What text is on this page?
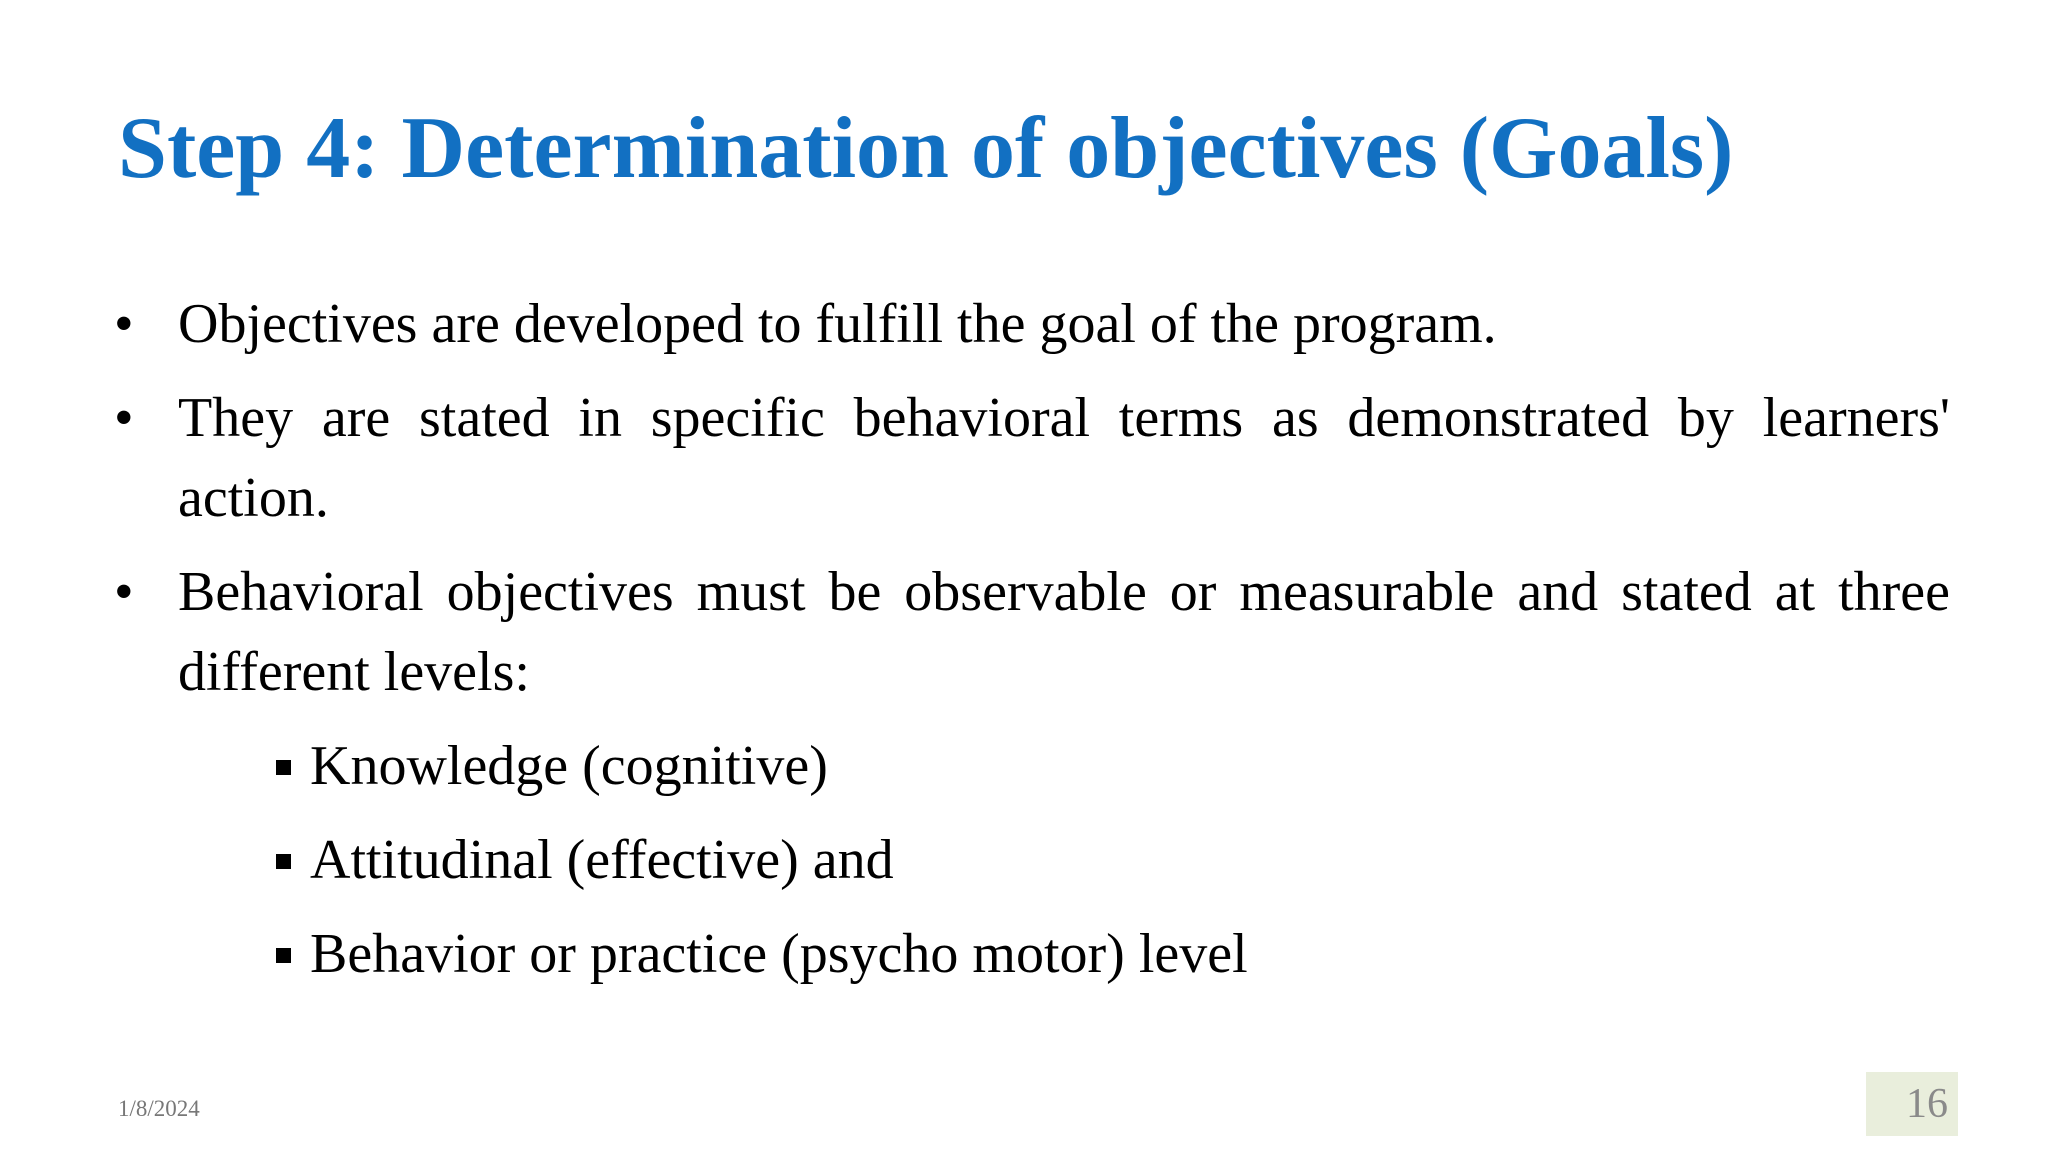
Step 4: Determination of objectives (Goals)
• Objectives are developed to fulfill the goal of the program.
• They are stated in specific behavioral terms as demonstrated by learners' action.
• Behavioral objectives must be observable or measurable and stated at three different levels:
Knowledge (cognitive)
Attitudinal (effective) and
Behavior or practice (psycho motor) level
1/8/2024	16
